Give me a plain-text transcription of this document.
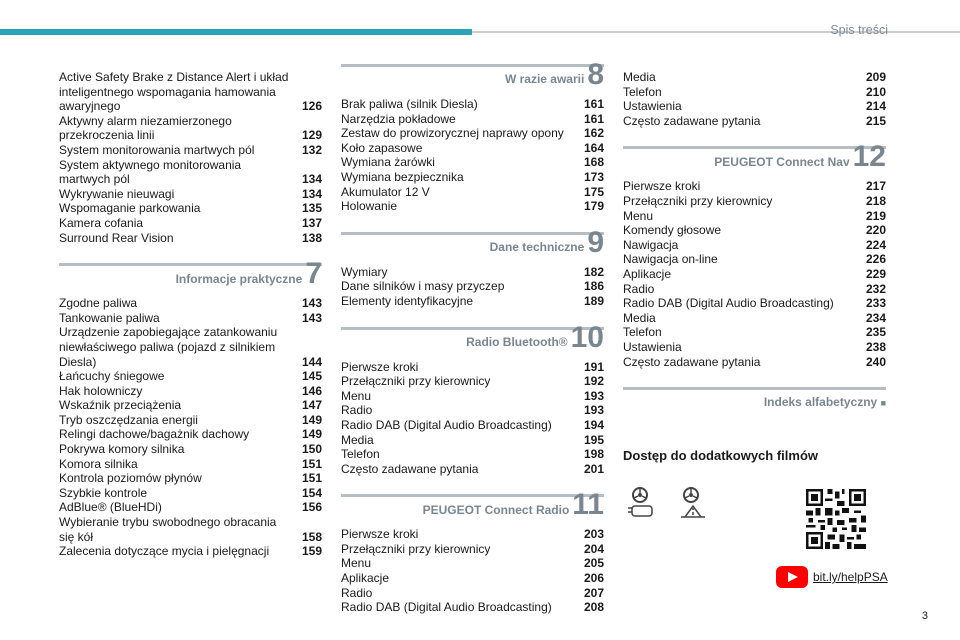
Spis treści
Active Safety Brake z Distance Alert i układ inteligentnego wspomagania hamowania awaryjnego	126
Aktywny alarm niezamierzonego przekroczenia linii	129
System monitorowania martwych pól	132
System aktywnego monitorowania martwych pól	134
Wykrywanie nieuwagi	134
Wspomaganie parkowania	135
Kamera cofania	137
Surround Rear Vision	138
Informacje praktyczne 7
Zgodne paliwa	143
Tankowanie paliwa	143
Urządzenie zapobiegające zatankowaniu niewłaściwego paliwa (pojazd z silnikiem Diesla)	144
Łańcuchy śniegowe	145
Hak holowniczy	146
Wskaźnik przeciążenia	147
Tryb oszczędzania energii	149
Relingi dachowe/bagażnik dachowy	149
Pokrywa komory silnika	150
Komora silnika	151
Kontrola poziomów płynów	151
Szybkie kontrole	154
AdBlue® (BlueHDi)	156
Wybieranie trybu swobodnego obracania się kół	158
Zalecenia dotyczące mycia i pielęgnacji	159
W razie awarii 8
Brak paliwa (silnik Diesla)	161
Narzędzia pokładowe	161
Zestaw do prowizorycznej naprawy opony	162
Koło zapasowe	164
Wymiana żarówki	168
Wymiana bezpiecznika	173
Akumulator 12 V	175
Holowanie	179
Dane techniczne 9
Wymiary	182
Dane silników i masy przyczep	186
Elementy identyfikacyjne	189
Radio Bluetooth® 10
Pierwsze kroki	191
Przełączniki przy kierownicy	192
Menu	193
Radio	193
Radio DAB (Digital Audio Broadcasting)	194
Media	195
Telefon	198
Często zadawane pytania	201
PEUGEOT Connect Radio 11
Pierwsze kroki	203
Przełączniki przy kierownicy	204
Menu	205
Aplikacje	206
Radio	207
Radio DAB (Digital Audio Broadcasting)	208
Media	209
Telefon	210
Ustawienia	214
Często zadawane pytania	215
PEUGEOT Connect Nav 12
Pierwsze kroki	217
Przełączniki przy kierownicy	218
Menu	219
Komendy głosowe	220
Nawigacja	224
Nawigacja on-line	226
Aplikacje	229
Radio	232
Radio DAB (Digital Audio Broadcasting)	233
Media	234
Telefon	235
Ustawienia	238
Często zadawane pytania	240
Indeks alfabetyczny ■
Dostęp do dodatkowych filmów
bit.ly/helpPSA
3
